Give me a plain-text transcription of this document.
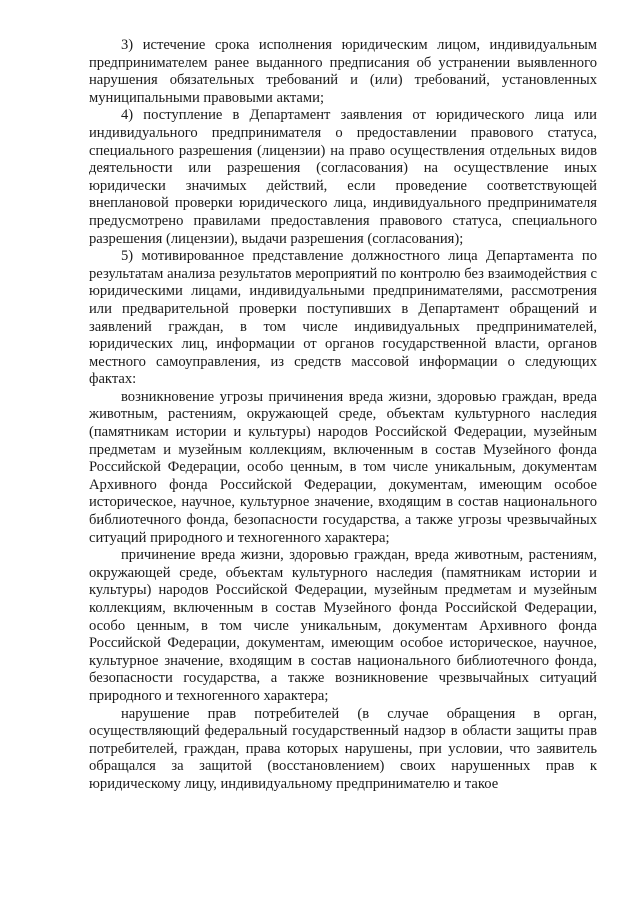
3) истечение срока исполнения юридическим лицом, индивидуальным предпринимателем ранее выданного предписания об устранении выявленного нарушения обязательных требований и (или) требований, установленных муниципальными правовыми актами;

4) поступление в Департамент заявления от юридического лица или индивидуального предпринимателя о предоставлении правового статуса, специального разрешения (лицензии) на право осуществления отдельных видов деятельности или разрешения (согласования) на осуществление иных юридически значимых действий, если проведение соответствующей внеплановой проверки юридического лица, индивидуального предпринимателя предусмотрено правилами предоставления правового статуса, специального разрешения (лицензии), выдачи разрешения (согласования);

5) мотивированное представление должностного лица Департамента по результатам анализа результатов мероприятий по контролю без взаимодействия с юридическими лицами, индивидуальными предпринимателями, рассмотрения или предварительной проверки поступивших в Департамент обращений и заявлений граждан, в том числе индивидуальных предпринимателей, юридических лиц, информации от органов государственной власти, органов местного самоуправления, из средств массовой информации о следующих фактах:

возникновение угрозы причинения вреда жизни, здоровью граждан, вреда животным, растениям, окружающей среде, объектам культурного наследия (памятникам истории и культуры) народов Российской Федерации, музейным предметам и музейным коллекциям, включенным в состав Музейного фонда Российской Федерации, особо ценным, в том числе уникальным, документам Архивного фонда Российской Федерации, документам, имеющим особое историческое, научное, культурное значение, входящим в состав национального библиотечного фонда, безопасности государства, а также угрозы чрезвычайных ситуаций природного и техногенного характера;

причинение вреда жизни, здоровью граждан, вреда животным, растениям, окружающей среде, объектам культурного наследия (памятникам истории и культуры) народов Российской Федерации, музейным предметам и музейным коллекциям, включенным в состав Музейного фонда Российской Федерации, особо ценным, в том числе уникальным, документам Архивного фонда Российской Федерации, документам, имеющим особое историческое, научное, культурное значение, входящим в состав национального библиотечного фонда, безопасности государства, а также возникновение чрезвычайных ситуаций природного и техногенного характера;

нарушение прав потребителей (в случае обращения в орган, осуществляющий федеральный государственный надзор в области защиты прав потребителей, граждан, права которых нарушены, при условии, что заявитель обращался за защитой (восстановлением) своих нарушенных прав к юридическому лицу, индивидуальному предпринимателю и такое
